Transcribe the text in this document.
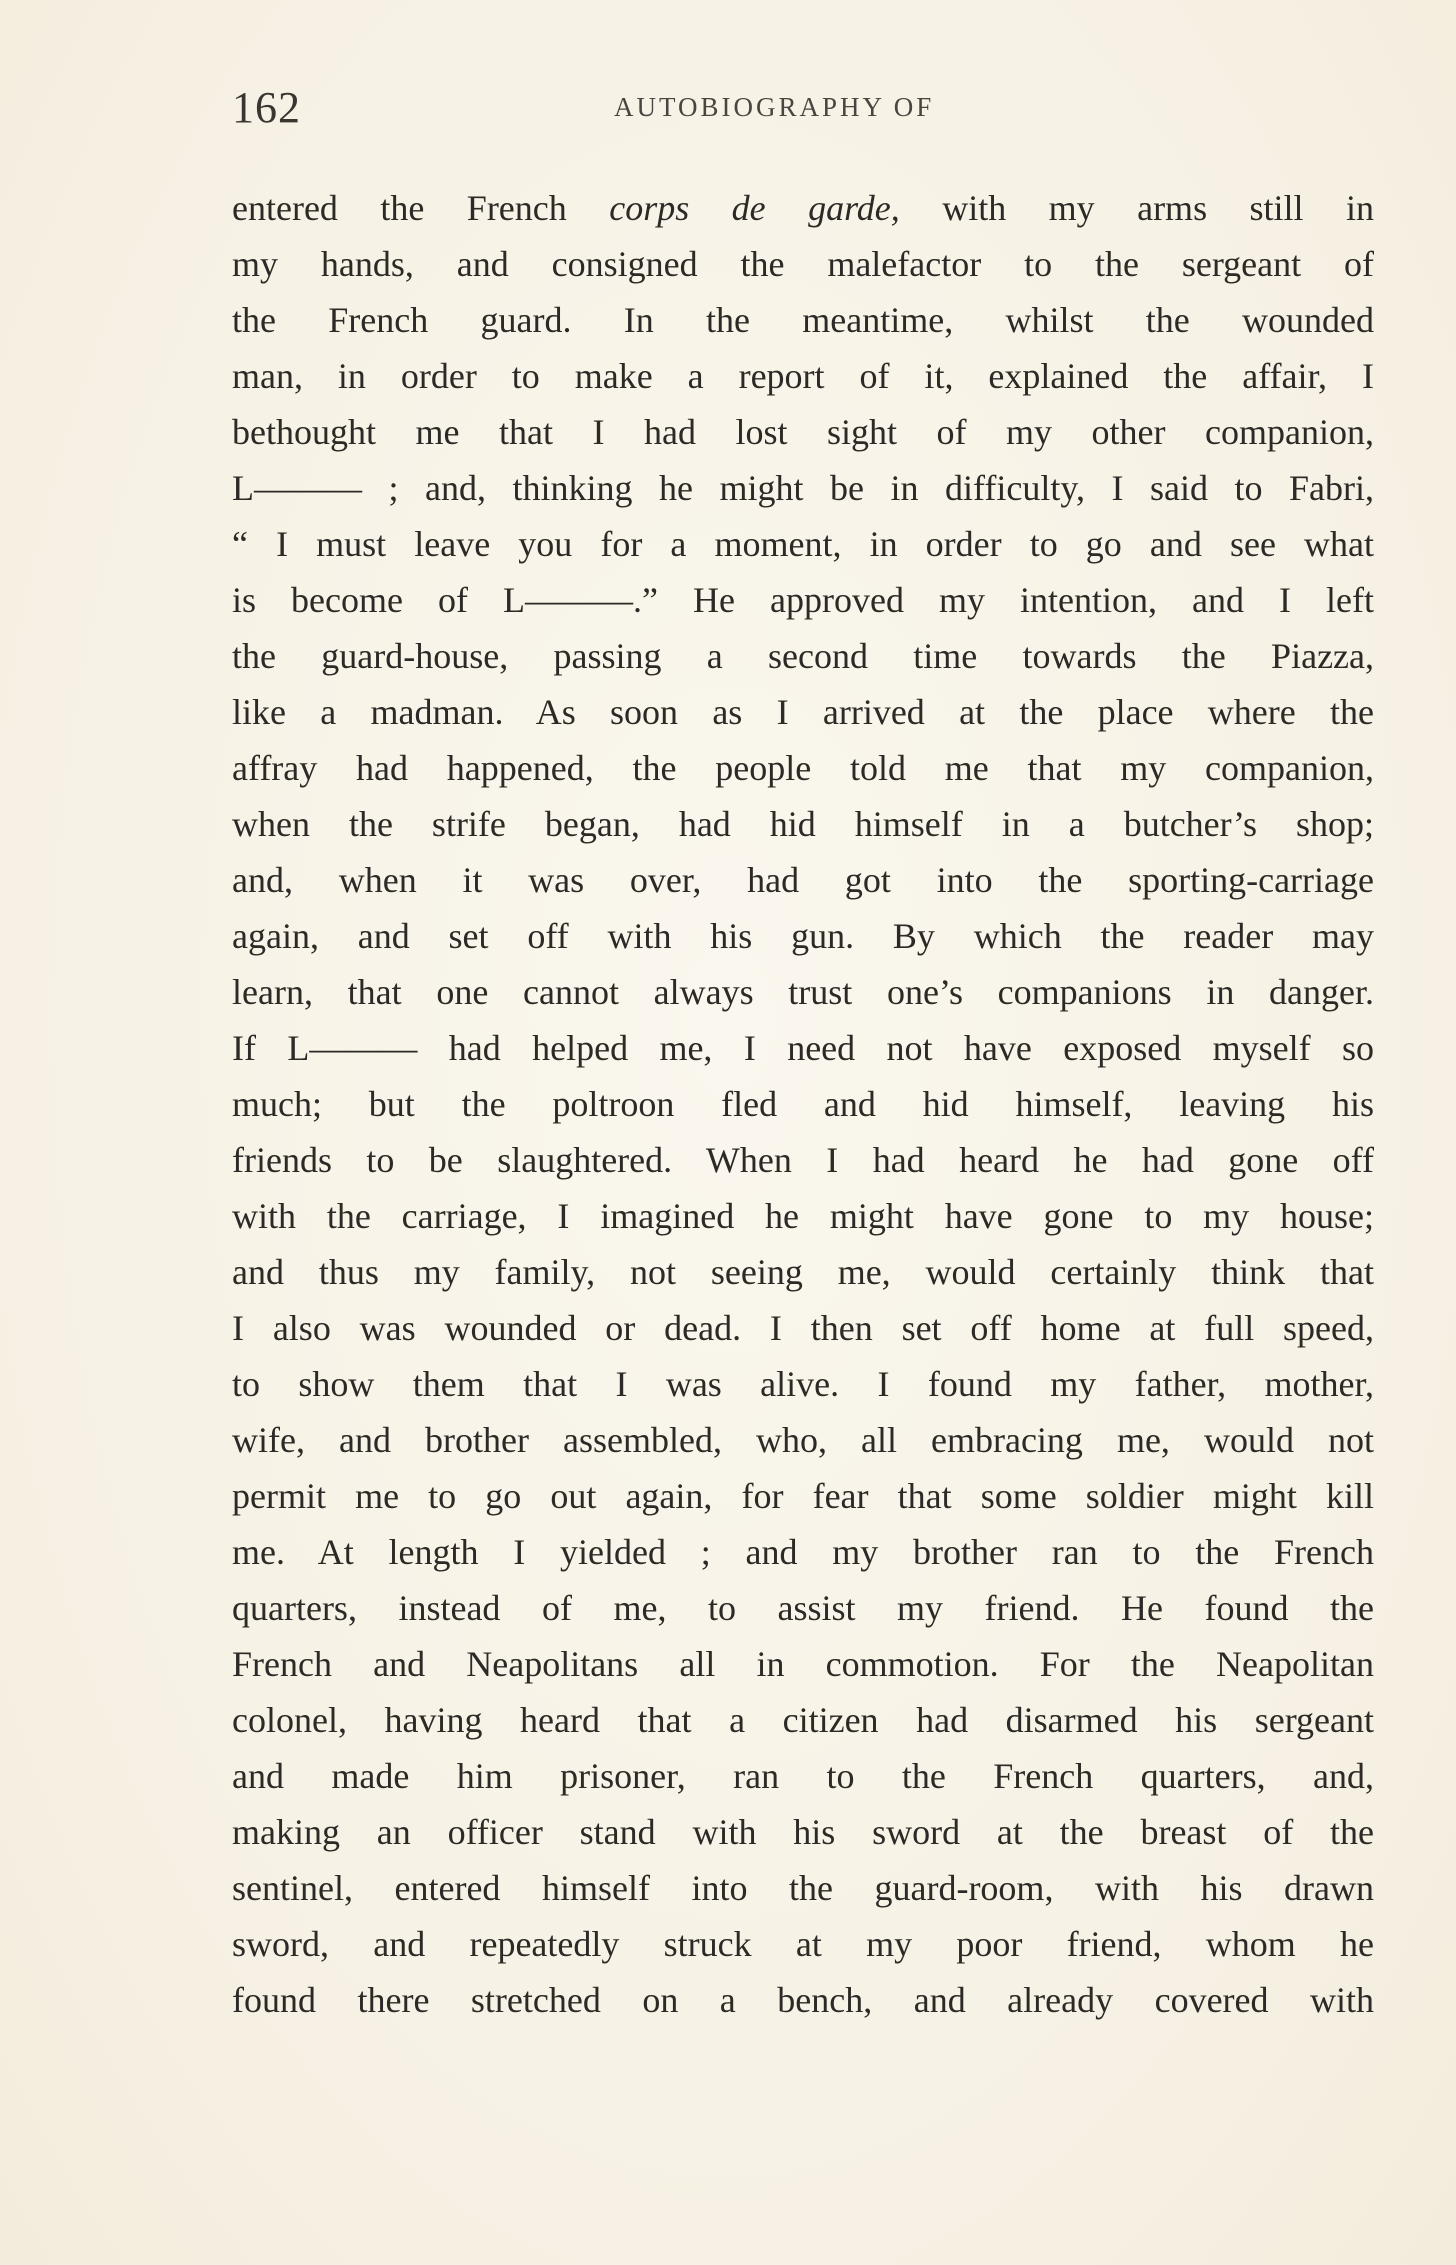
162	AUTOBIOGRAPHY OF
entered the French corps de garde, with my arms still in
my hands, and consigned the malefactor to the sergeant of
the French guard. In the meantime, whilst the wounded
man, in order to make a report of it, explained the affair, I
bethought me that I had lost sight of my other companion,
L——— ; and, thinking he might be in difficulty, I said to Fabri,
“ I must leave you for a moment, in order to go and see what
is become of L———.” He approved my intention, and I left
the guard-house, passing a second time towards the Piazza,
like a madman. As soon as I arrived at the place where the
affray had happened, the people told me that my companion,
when the strife began, had hid himself in a butcher’s shop;
and, when it was over, had got into the sporting-carriage
again, and set off with his gun. By which the reader may
learn, that one cannot always trust one’s companions in danger.
If L——— had helped me, I need not have exposed myself so
much; but the poltroon fled and hid himself, leaving his
friends to be slaughtered. When I had heard he had gone off
with the carriage, I imagined he might have gone to my house;
and thus my family, not seeing me, would certainly think that
I also was wounded or dead. I then set off home at full speed,
to show them that I was alive. I found my father, mother,
wife, and brother assembled, who, all embracing me, would not
permit me to go out again, for fear that some soldier might kill
me. At length I yielded ; and my brother ran to the French
quarters, instead of me, to assist my friend. He found the
French and Neapolitans all in commotion. For the Neapolitan
colonel, having heard that a citizen had disarmed his sergeant
and made him prisoner, ran to the French quarters, and,
making an officer stand with his sword at the breast of the
sentinel, entered himself into the guard-room, with his drawn
sword, and repeatedly struck at my poor friend, whom he
found there stretched on a bench, and already covered with
